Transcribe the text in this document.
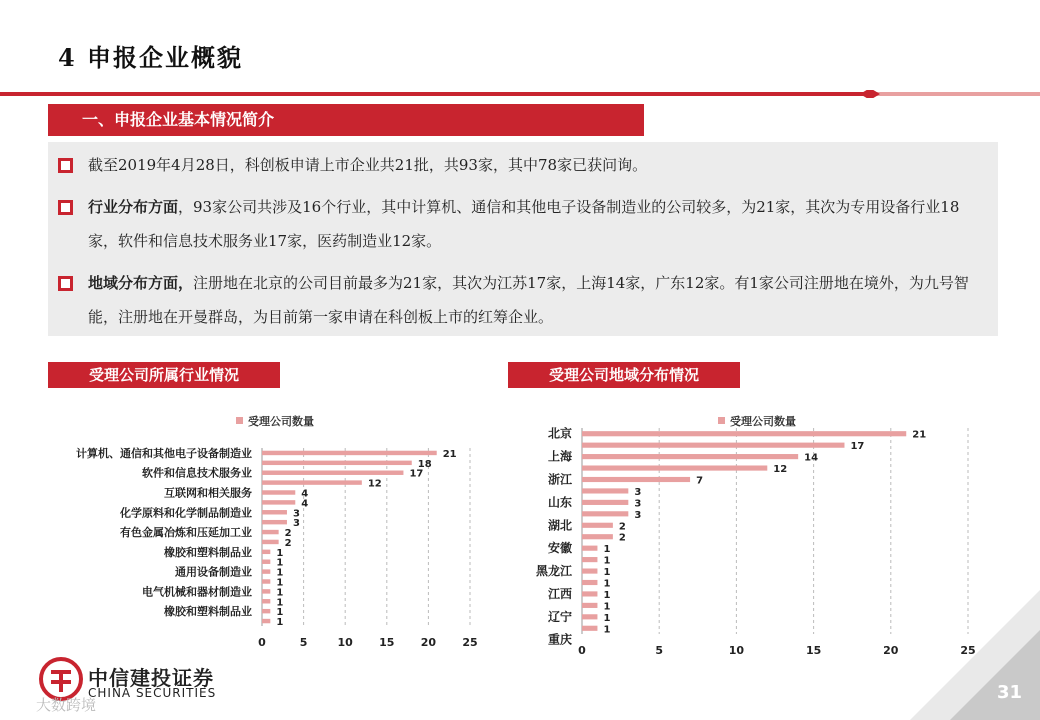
4 申报企业概貌
一、申报企业基本情况简介
截至2019年4月28日，科创板申请上市企业共21批，共93家，其中78家已获问询。
行业分布方面，93家公司共涉及16个行业，其中计算机、通信和其他电子设备制造业的公司较多，为21家，其次为专用设备行业18家，软件和信息技术服务业17家，医药制造业12家。
地域分布方面，注册地在北京的公司目前最多为21家，其次为江苏17家，上海14家，广东12家。有1家公司注册地在境外，为九号智能，注册地在开曼群岛，为目前第一家申请在科创板上市的红筹企业。
受理公司所属行业情况	受理公司地域分布情况
受理公司数量
0	5	10 15 20 25
21
18
17
12
4
4
3
3
2
2
1
1
1
1
1
1
1
1
计算机、通信和其他电子设备制造业
软件和信息技术服务业
互联网和相关服务
化学原料和化学制品制造业
有色金属冶炼和压延加工业
橡胶和塑料制品业
通用设备制造业
电气机械和器材制造业
橡胶和塑料制品业
受理公司数量
0	5	10	15	20	25
21
17
14
12
7
3
3
3
2
2
1
1
1
1
1
1
1
1
北京
上海
浙江
山东
湖北
安徽
黑龙江
江西
辽宁
重庆
31
中信建投证券
CHINA SECURITIES
大数跨境
